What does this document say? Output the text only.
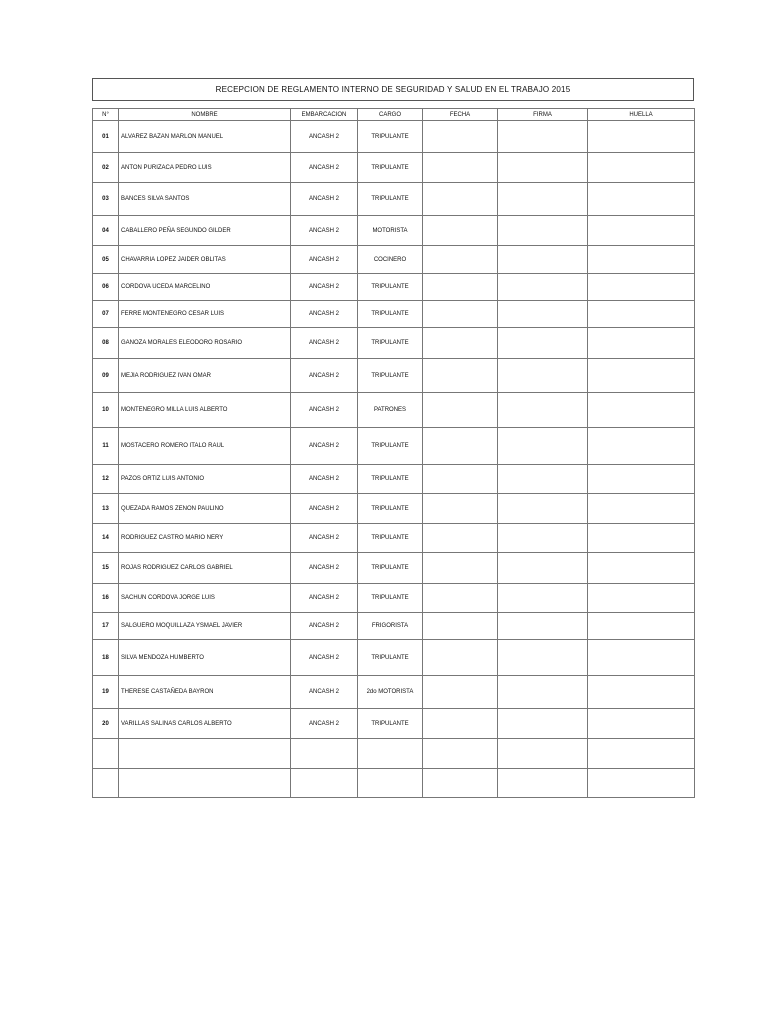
RECEPCION DE REGLAMENTO INTERNO DE SEGURIDAD Y SALUD EN EL TRABAJO 2015
N°	NOMBRE	EMBARCACION	CARGO	FECHA	FIRMA	HUELLA
01	ALVAREZ BAZAN MARLON MANUEL	ANCASH 2	TRIPULANTE			
02	ANTON PURIZACA PEDRO LUIS	ANCASH 2	TRIPULANTE			
03	BANCES SILVA SANTOS	ANCASH 2	TRIPULANTE			
04	CABALLERO PEÑA SEGUNDO GILDER	ANCASH 2	MOTORISTA			
05	CHAVARRIA LOPEZ JAIDER OBLITAS	ANCASH 2	COCINERO			
06	CORDOVA UCEDA MARCELINO	ANCASH 2	TRIPULANTE			
07	FERRE MONTENEGRO CESAR LUIS	ANCASH 2	TRIPULANTE			
08	GANOZA MORALES ELEODORO ROSARIO	ANCASH 2	TRIPULANTE			
09	MEJIA RODRIGUEZ IVAN OMAR	ANCASH 2	TRIPULANTE			
10	MONTENEGRO MILLA LUIS ALBERTO	ANCASH 2	PATRONES			
11	MOSTACERO ROMERO ITALO RAUL	ANCASH 2	TRIPULANTE			
12	PAZOS ORTIZ LUIS ANTONIO	ANCASH 2	TRIPULANTE			
13	QUEZADA RAMOS ZENON PAULINO	ANCASH 2	TRIPULANTE			
14	RODRIGUEZ CASTRO MARIO NERY	ANCASH 2	TRIPULANTE			
15	ROJAS RODRIGUEZ CARLOS GABRIEL	ANCASH 2	TRIPULANTE			
16	SACHUN CORDOVA JORGE LUIS	ANCASH 2	TRIPULANTE			
17	SALGUERO MOQUILLAZA YSMAEL JAVIER	ANCASH 2	FRIGORISTA			
18	SILVA MENDOZA HUMBERTO	ANCASH 2	TRIPULANTE			
19	THERESE CASTAÑEDA BAYRON	ANCASH 2	2do MOTORISTA			
20	VARILLAS SALINAS CARLOS ALBERTO	ANCASH 2	TRIPULANTE			
